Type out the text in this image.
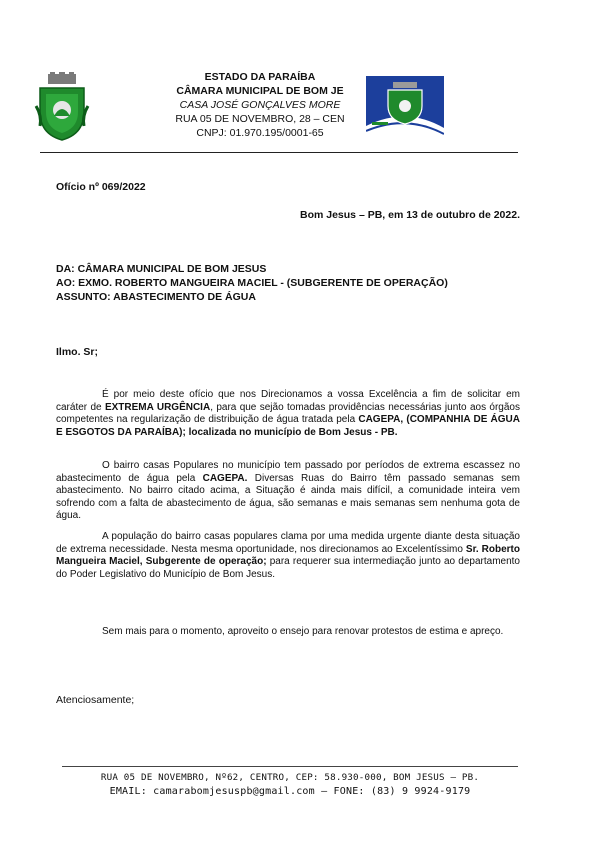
ESTADO DA PARAÍBA
CÂMARA MUNICIPAL DE BOM JE
CASA JOSÉ GONÇALVES MORE
RUA 05 DE NOVEMBRO, 28 – CEN
CNPJ: 01.970.195/0001-65
Ofício nº 069/2022
Bom Jesus – PB, em 13 de outubro de 2022.
DA: CÂMARA MUNICIPAL DE BOM JESUS
AO: EXMO. ROBERTO MANGUEIRA MACIEL - (SUBGERENTE DE OPERAÇÃO)
ASSUNTO: ABASTECIMENTO DE ÁGUA
Ilmo. Sr;
É por meio deste ofício que nos Direcionamos a vossa Excelência a fim de solicitar em caráter de EXTREMA URGÊNCIA, para que sejão tomadas providências necessárias junto aos órgãos competentes na regularização de distribuição de água tratada pela CAGEPA, (COMPANHIA DE ÁGUA E ESGOTOS DA PARAÍBA); localizada no município de Bom Jesus - PB.
O bairro casas Populares no município tem passado por períodos de extrema escassez no abastecimento de água pela CAGEPA. Diversas Ruas do Bairro têm passado semanas sem abastecimento. No bairro citado acima, a Situação é ainda mais difícil, a comunidade inteira vem sofrendo com a falta de abastecimento de água, são semanas e mais semanas sem nenhuma gota de água.
A população do bairro casas populares clama por uma medida urgente diante desta situação de extrema necessidade. Nesta mesma oportunidade, nos direcionamos ao Excelentíssimo Sr. Roberto Mangueira Maciel, Subgerente de operação; para requerer sua intermediação junto ao departamento do Poder Legislativo do Município de Bom Jesus.
Sem mais para o momento, aproveito o ensejo para renovar protestos de estima e apreço.
Atenciosamente;
RUA 05 DE NOVEMBRO, Nº62, CENTRO, CEP: 58.930-000, BOM JESUS – PB.
EMAIL: camarabomjesuspb@gmail.com – FONE: (83) 9 9924-9179
